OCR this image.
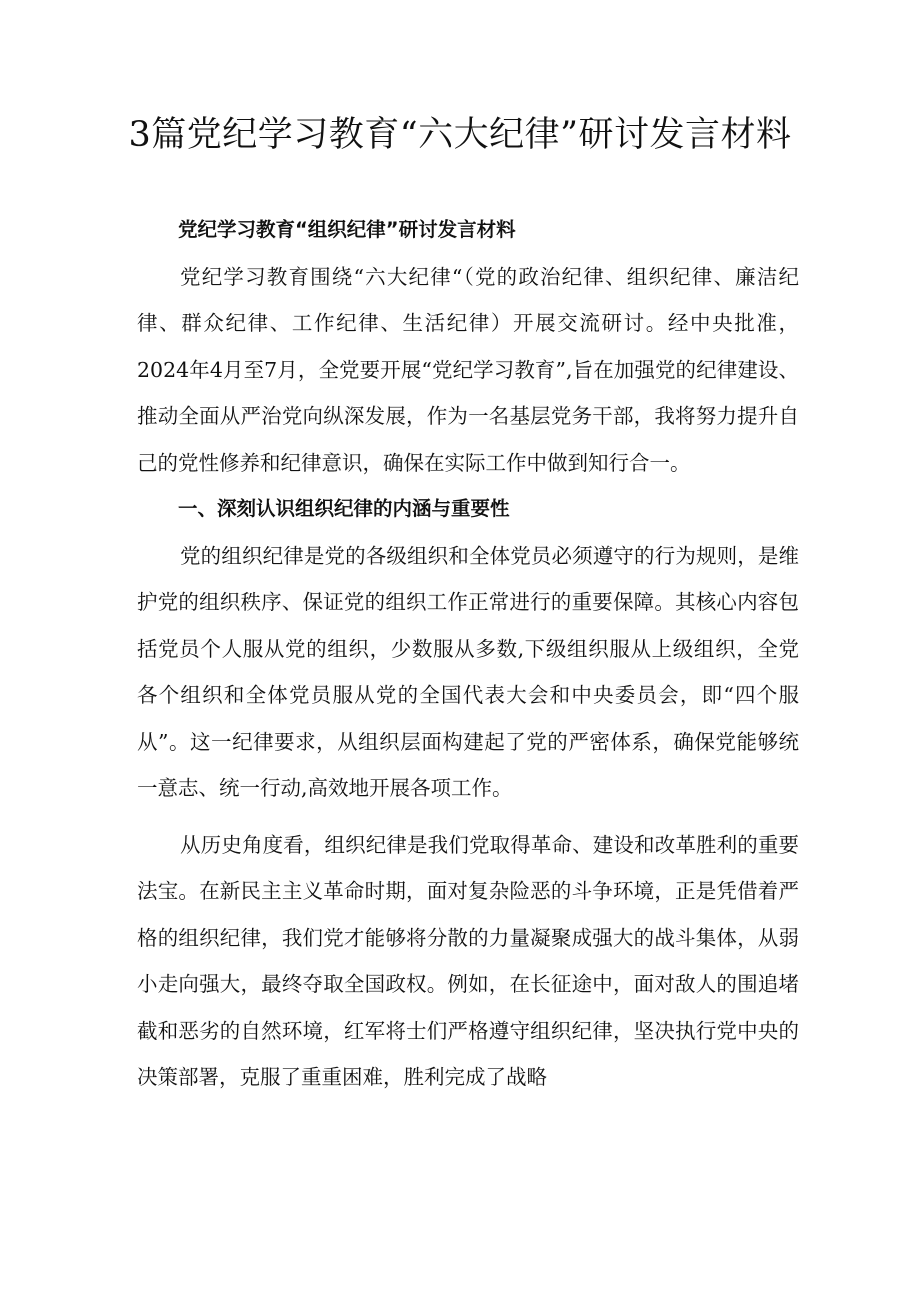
3篇党纪学习教育“六大纪律”研讨发言材料

党纪学习教育“组织纪律”研讨发言材料

党纪学习教育围绕“六大纪律“（党的政治纪律、组织纪律、廉洁纪律、群众纪律、工作纪律、生活纪律）开展交流研讨。经中央批准，2024年4月至7月，全党要开展“党纪学习教育”,旨在加强党的纪律建设、推动全面从严治党向纵深发展，作为一名基层党务干部，我将努力提升自己的党性修养和纪律意识，确保在实际工作中做到知行合一。

一、深刻认识组织纪律的内涵与重要性

党的组织纪律是党的各级组织和全体党员必须遵守的行为规则，是维护党的组织秩序、保证党的组织工作正常进行的重要保障。其核心内容包括党员个人服从党的组织，少数服从多数,下级组织服从上级组织，全党各个组织和全体党员服从党的全国代表大会和中央委员会，即“四个服从”。这一纪律要求，从组织层面构建起了党的严密体系，确保党能够统一意志、统一行动,高效地开展各项工作。

从历史角度看，组织纪律是我们党取得革命、建设和改革胜利的重要法宝。在新民主主义革命时期，面对复杂险恶的斗争环境，正是凭借着严格的组织纪律，我们党才能够将分散的力量凝聚成强大的战斗集体，从弱小走向强大，最终夺取全国政权。例如，在长征途中，面对敌人的围追堵截和恶劣的自然环境，红军将士们严格遵守组织纪律，坚决执行党中央的决策部署，克服了重重困难，胜利完成了战略
